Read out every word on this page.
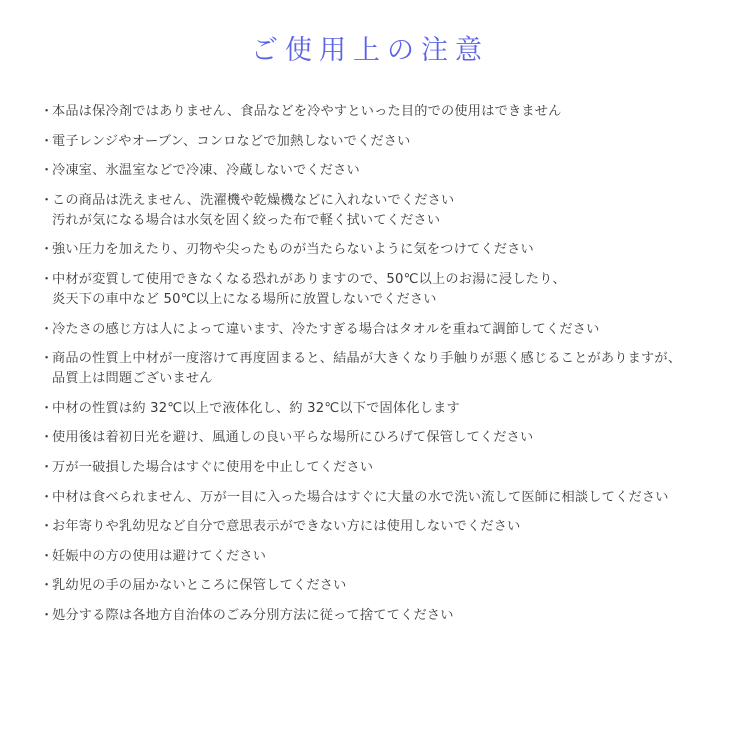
ご使用上の注意
・
本品は保冷剤ではありません、食品などを冷やすといった目的での使用はできません
・
電子レンジやオーブン、コンロなどで加熱しないでください
・
冷凍室、氷温室などで冷凍、冷蔵しないでください
・
この商品は洗えません、洗濯機や乾燥機などに入れないでください
汚れが気になる場合は水気を固く絞った布で軽く拭いてください
・
強い圧力を加えたり、刃物や尖ったものが当たらないように気をつけてください
・
中材が変質して使用できなくなる恐れがありますので、50℃以上のお湯に浸したり、
炎天下の車中など 50℃以上になる場所に放置しないでください
・
冷たさの感じ方は人によって違います、冷たすぎる場合はタオルを重ねて調節してください
・
商品の性質上中材が一度溶けて再度固まると、結晶が大きくなり手触りが悪く感じることがありますが、
品質上は問題ございません
・
中材の性質は約 32℃以上で液体化し、約 32℃以下で固体化します
・
使用後は着初日光を避け、風通しの良い平らな場所にひろげて保管してください
・
万が一破損した場合はすぐに使用を中止してください
・
中材は食べられません、万が一目に入った場合はすぐに大量の水で洗い流して医師に相談してください
・
お年寄りや乳幼児など自分で意思表示ができない方には使用しないでください
・
妊娠中の方の使用は避けてください
・
乳幼児の手の届かないところに保管してください
・
処分する際は各地方自治体のごみ分別方法に従って捨ててください
